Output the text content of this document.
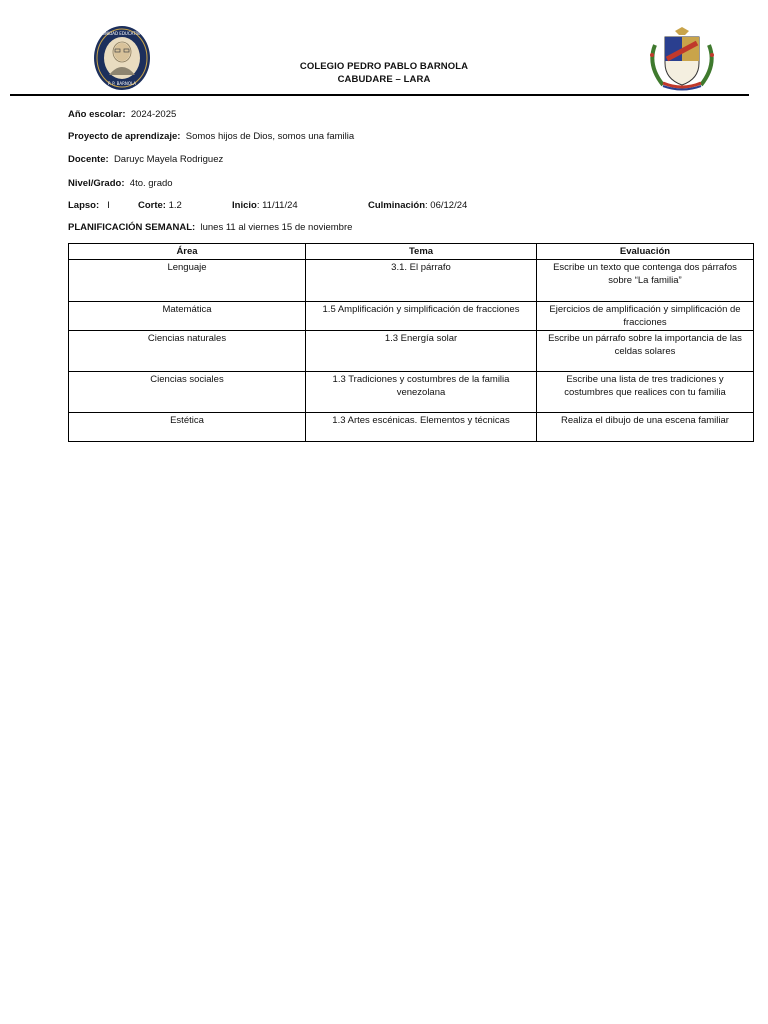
UNIDAD EDUCATIVA
P. P. BARNOLA
COLEGIO PEDRO PABLO BARNOLA
CABUDARE – LARA
Año escolar: 2024-2025
Proyecto de aprendizaje: Somos hijos de Dios, somos una familia
Docente: Daruyc Mayela Rodriguez
Nivel/Grado: 4to. grado
Lapso: I	Corte: 1.2	Inicio: 11/11/24	Culminación: 06/12/24
PLANIFICACIÓN SEMANAL: lunes 11 al viernes 15 de noviembre
Área	Tema	Evaluación
Lenguaje	3.1. El párrafo	Escribe un texto que contenga dos párrafos sobre “La familia”
Matemática	1.5 Amplificación y simplificación de fracciones	Ejercicios de amplificación y simplificación de fracciones
Ciencias naturales	1.3 Energía solar	Escribe un párrafo sobre la importancia de las celdas solares
Ciencias sociales	1.3 Tradiciones y costumbres de la familia venezolana	Escribe una lista de tres tradiciones y costumbres que realices con tu familia
Estética	1.3 Artes escénicas. Elementos y técnicas	Realiza el dibujo de una escena familiar
